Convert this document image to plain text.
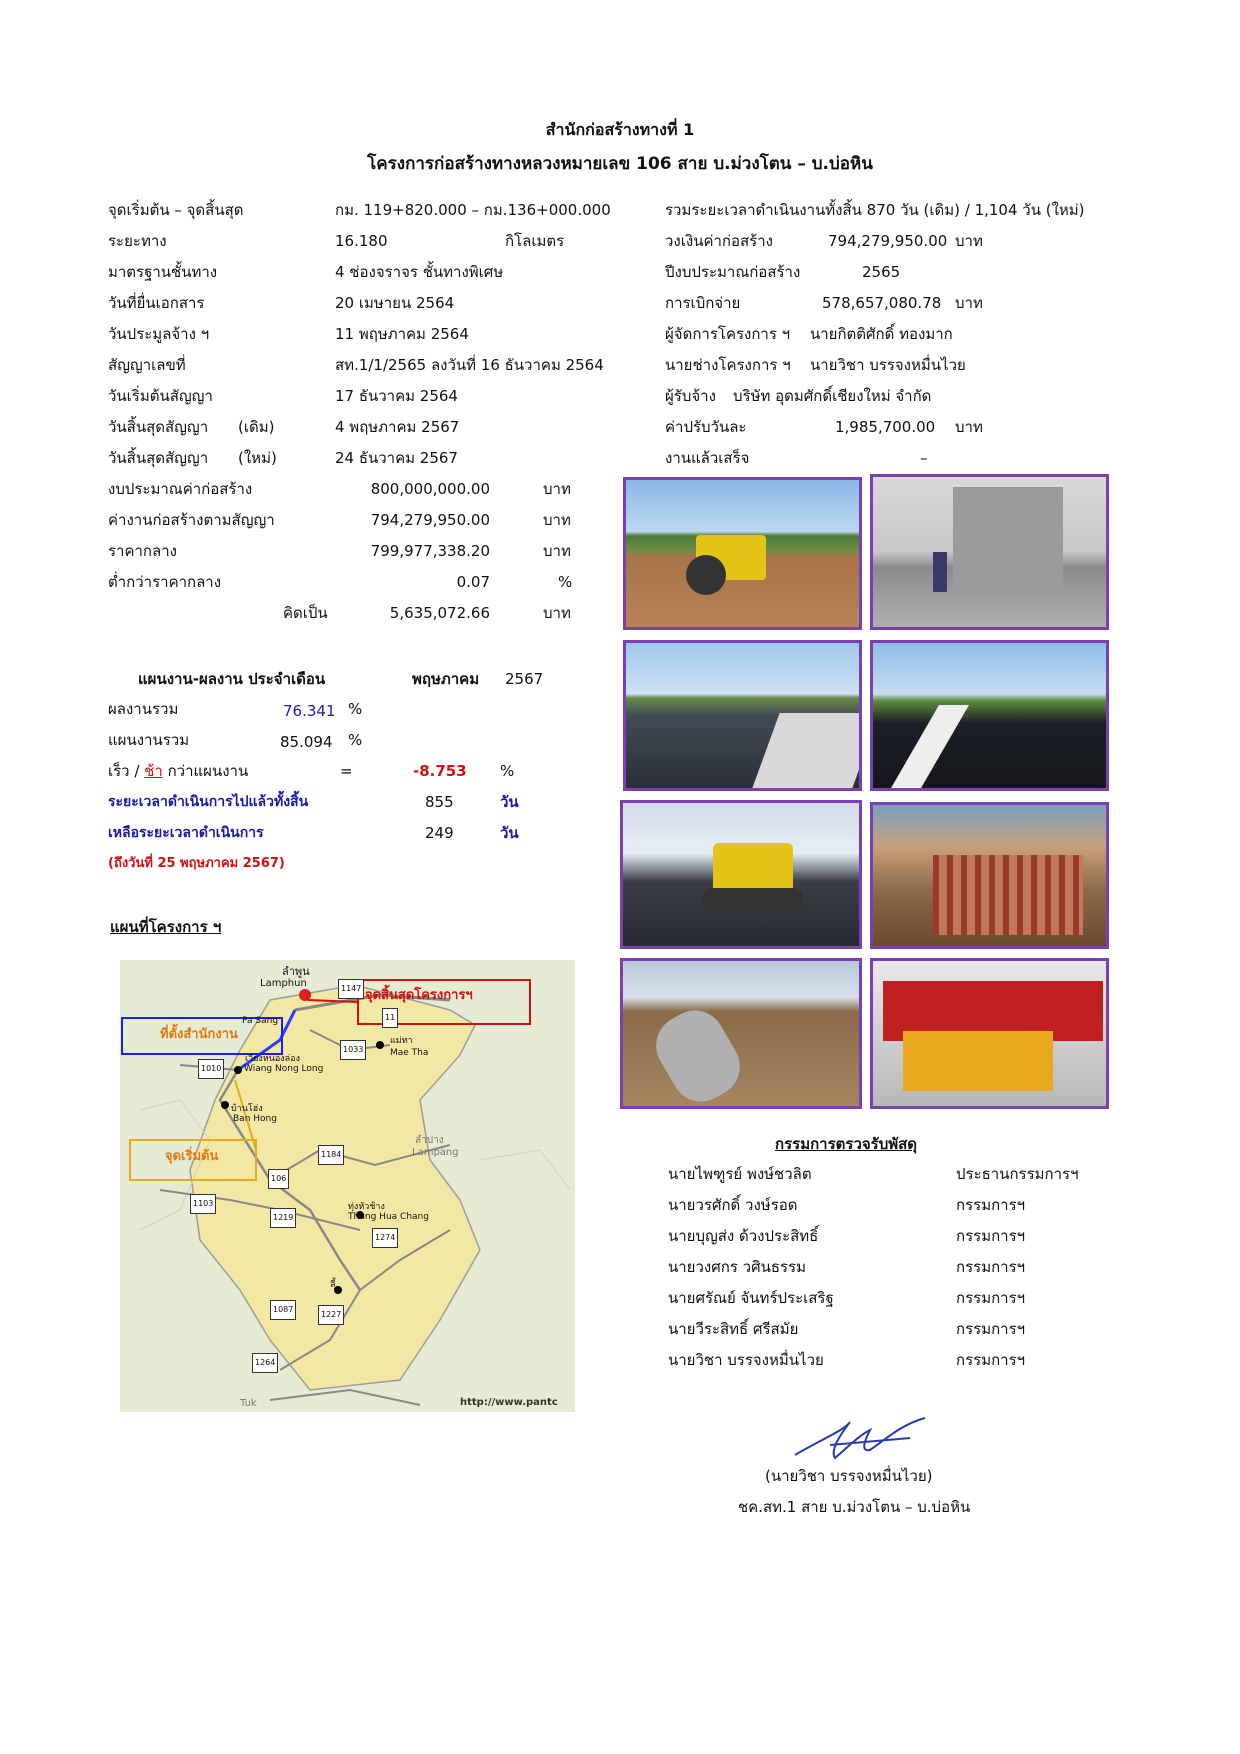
สำนักก่อสร้างทางที่ 1
โครงการก่อสร้างทางหลวงหมายเลข 106 สาย บ.ม่วงโตน – บ.บ่อหิน
จุดเริ่มต้น – จุดสิ้นสุด	กม. 119+820.000 – กม.136+000.000
ระยะทาง	16.180	กิโลเมตร
มาตรฐานชั้นทาง	4 ช่องจราจร ชั้นทางพิเศษ
วันที่ยื่นเอกสาร	20 เมษายน 2564
วันประมูลจ้าง ฯ	11 พฤษภาคม 2564
สัญญาเลขที่	สท.1/1/2565 ลงวันที่ 16 ธันวาคม 2564
วันเริ่มต้นสัญญา	17 ธันวาคม 2564
วันสิ้นสุดสัญญา (เดิม)	4 พฤษภาคม 2567
วันสิ้นสุดสัญญา (ใหม่)	24 ธันวาคม 2567
งบประมาณค่าก่อสร้าง	800,000,000.00	บาท
ค่างานก่อสร้างตามสัญญา	794,279,950.00	บาท
ราคากลาง	799,977,338.20	บาท
ต่ำกว่าราคากลาง	0.07	%
คิดเป็น	5,635,072.66	บาท
รวมระยะเวลาดำเนินงานทั้งสิ้น 870 วัน (เดิม) / 1,104 วัน (ใหม่)
วงเงินค่าก่อสร้าง	794,279,950.00 บาท
ปีงบประมาณก่อสร้าง	2565
การเบิกจ่าย	578,657,080.78 บาท
ผู้จัดการโครงการ ฯ นายกิตติศักดิ์ ทองมาก
นายช่างโครงการ ฯ นายวิชา บรรจงหมื่นไวย
ผู้รับจ้าง บริษัท อุดมศักดิ์เชียงใหม่ จำกัด
ค่าปรับวันละ	1,985,700.00 บาท
งานแล้วเสร็จ	–
แผนงาน-ผลงาน ประจำเดือน	พฤษภาคม 2567
ผลงานรวม	76.341 %
แผนงานรวม	85.094 %
เร็ว / ช้า กว่าแผนงาน	=	-8.753 %
ระยะเวลาดำเนินการไปแล้วทั้งสิ้น	855	วัน
เหลือระยะเวลาดำเนินการ	249	วัน
(ถึงวันที่ 25 พฤษภาคม 2567)
แผนที่โครงการ ฯ
ลำพูน
Lamphun
Pa Sang
เวียงหนองล่อง
Wiang Nong Long
บ้านโฮ่ง
Ban Hong
ลำปาง
Lampang
ทุ่งหัวช้าง
Thung Hua Chang
แม่ทา
Mae Tha
ลี้
Tuk
1147
11
1033
1010
1184
106
1103
1219
1274
1087
1227
1264
จุดสิ้นสุดโครงการฯ
ที่ตั้งสำนักงาน
จุดเริ่มต้น
http://www.pantc
กรรมการตรวจรับพัสดุ
นายไพฑูรย์ พงษ์ชวลิต	ประธานกรรมการฯ
นายวรศักดิ์ วงษ์รอด	กรรมการฯ
นายบุญส่ง ด้วงประสิทธิ์	กรรมการฯ
นายวงศกร วศินธรรม	กรรมการฯ
นายศรัณย์ จันทร์ประเสริฐ	กรรมการฯ
นายวีระสิทธิ์ ศรีสมัย	กรรมการฯ
นายวิชา บรรจงหมื่นไวย	กรรมการฯ
(นายวิชา บรรจงหมื่นไวย)
ชค.สท.1 สาย บ.ม่วงโตน – บ.บ่อหิน
